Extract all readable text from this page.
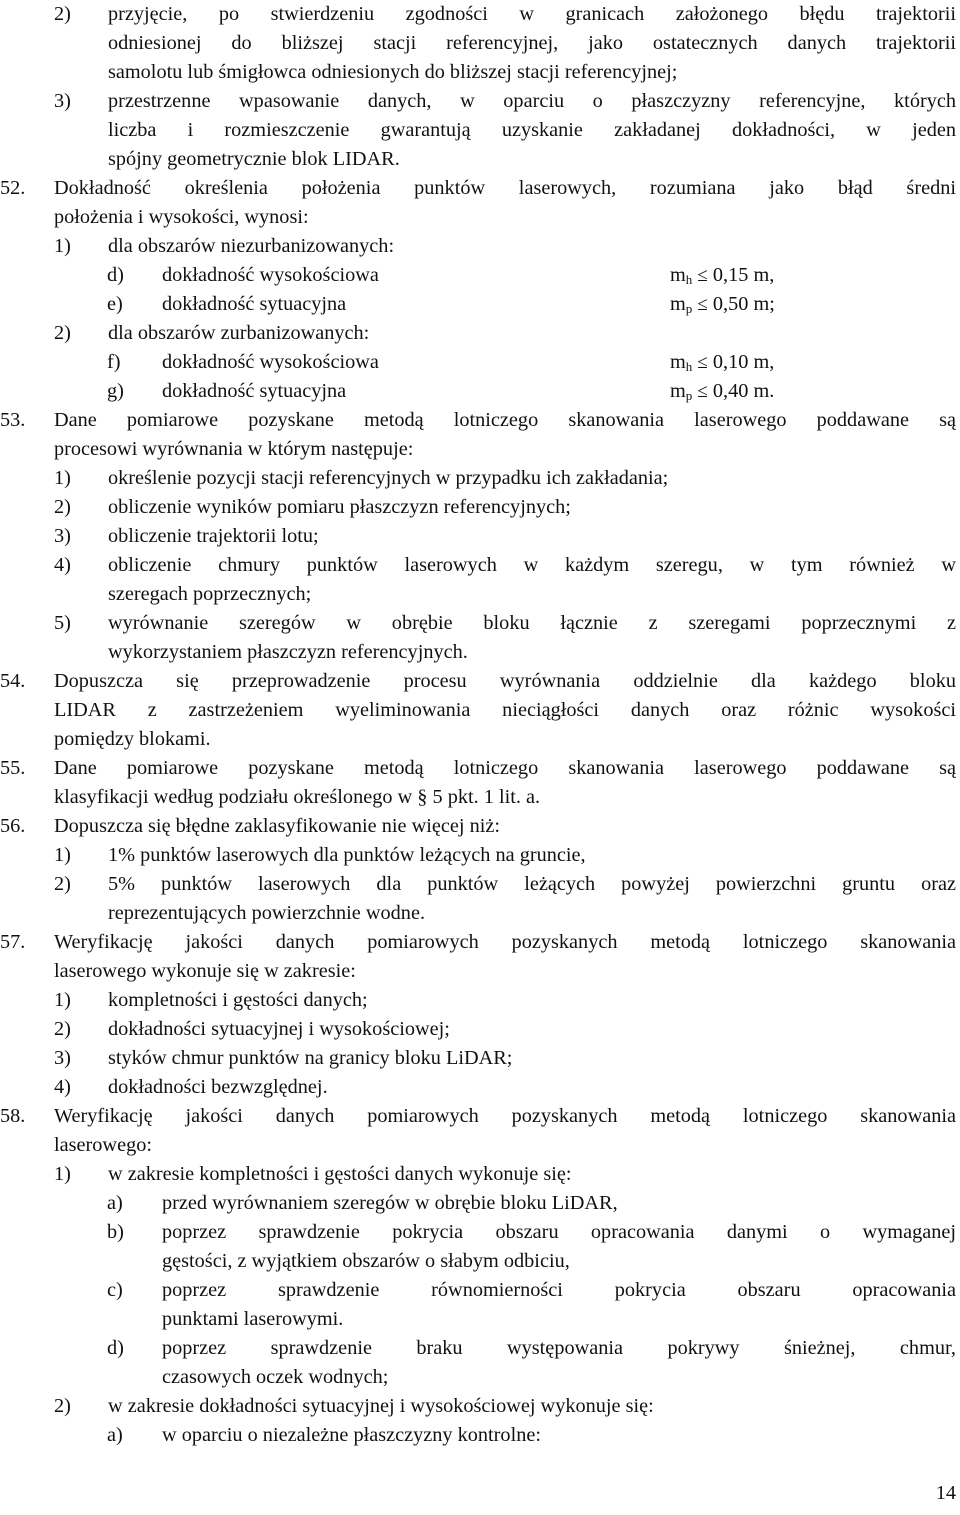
2) przyjęcie, po stwierdzeniu zgodności w granicach założonego błędu trajektorii
odniesionej do bliższej stacji referencyjnej, jako ostatecznych danych trajektorii
samolotu lub śmigłowca odniesionych do bliższej stacji referencyjnej;
3) przestrzenne wpasowanie danych, w oparciu o płaszczyzny referencyjne, których
liczba i rozmieszczenie gwarantują uzyskanie zakładanej dokładności, w jeden
spójny geometrycznie blok LIDAR.
52. Dokładność określenia położenia punktów laserowych, rozumiana jako błąd średni
położenia i wysokości, wynosi:
1) dla obszarów niezurbanizowanych:
d) dokładność wysokościowa	$m_h \le 0,15$ m,
e) dokładność sytuacyjna	$m_p \le 0,50$ m;
2) dla obszarów zurbanizowanych:
f) dokładność wysokościowa	$m_h \le 0,10$ m,
g) dokładność sytuacyjna	$m_p \le 0,40$ m.
53. Dane pomiarowe pozyskane metodą lotniczego skanowania laserowego poddawane są
procesowi wyrównania w którym następuje:
1) określenie pozycji stacji referencyjnych w przypadku ich zakładania;
2) obliczenie wyników pomiaru płaszczyzn referencyjnych;
3) obliczenie trajektorii lotu;
4) obliczenie chmury punktów laserowych w każdym szeregu, w tym również w
szeregach poprzecznych;
5) wyrównanie szeregów w obrębie bloku łącznie z szeregami poprzecznymi z
wykorzystaniem płaszczyzn referencyjnych.
54. Dopuszcza się przeprowadzenie procesu wyrównania oddzielnie dla każdego bloku
LIDAR z zastrzeżeniem wyeliminowania nieciągłości danych oraz różnic wysokości
pomiędzy blokami.
55. Dane pomiarowe pozyskane metodą lotniczego skanowania laserowego poddawane są
klasyfikacji według podziału określonego w § 5 pkt. 1 lit. a.
56. Dopuszcza się błędne zaklasyfikowanie nie więcej niż:
1) 1% punktów laserowych dla punktów leżących na gruncie,
2) 5% punktów laserowych dla punktów leżących powyżej powierzchni gruntu oraz
reprezentujących powierzchnie wodne.
57. Weryfikację jakości danych pomiarowych pozyskanych metodą lotniczego skanowania
laserowego wykonuje się w zakresie:
1) kompletności i gęstości danych;
2) dokładności sytuacyjnej i wysokościowej;
3) styków chmur punktów na granicy bloku LiDAR;
4) dokładności bezwzględnej.
58. Weryfikację jakości danych pomiarowych pozyskanych metodą lotniczego skanowania
laserowego:
1) w zakresie kompletności i gęstości danych wykonuje się:
a) przed wyrównaniem szeregów w obrębie bloku LiDAR,
b) poprzez sprawdzenie pokrycia obszaru opracowania danymi o wymaganej
gęstości, z wyjątkiem obszarów o słabym odbiciu,
c) poprzez sprawdzenie równomierności pokrycia obszaru opracowania
punktami laserowymi.
d) poprzez sprawdzenie braku występowania pokrywy śnieżnej, chmur,
czasowych oczek wodnych;
2) w zakresie dokładności sytuacyjnej i wysokościowej wykonuje się:
a) w oparciu o niezależne płaszczyzny kontrolne:
14
